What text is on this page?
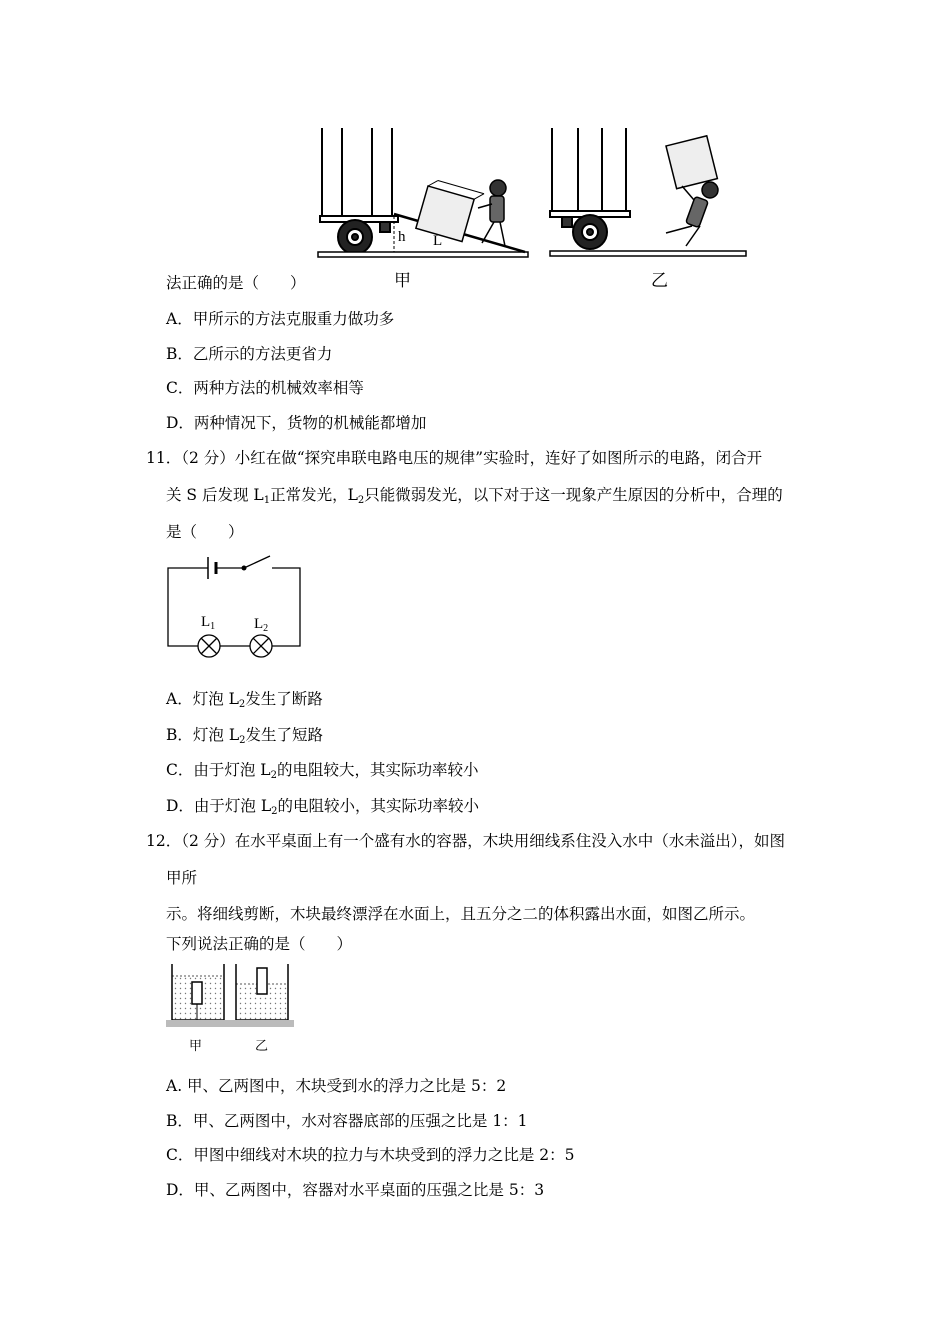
h L
甲	乙
法正确的是（　　）
A．甲所示的方法克服重力做功多
B．乙所示的方法更省力
C．两种方法的机械效率相等
D．两种情况下，货物的机械能都增加
11．（2 分）小红在做“探究串联电路电压的规律”实验时，连好了如图所示的电路，闭合开
关 S 后发现 $L_1$正常发光，$L_2$只能微弱发光，以下对于这一现象产生原因的分析中，合理的
是（　　）
$L_1$	$L_2$
A．灯泡 $L_2$发生了断路
B．灯泡 $L_2$发生了短路
C．由于灯泡 $L_2$的电阻较大，其实际功率较小
D．由于灯泡 $L_2$的电阻较小，其实际功率较小
12．（2 分）在水平桌面上有一个盛有水的容器，木块用细线系住没入水中（水未溢出），如图
甲所
示。将细线剪断，木块最终漂浮在水面上，且五分之二的体积露出水面，如图乙所示。
下列说法正确的是（　　）
甲	乙
A. 甲、乙两图中，木块受到水的浮力之比是 5：2
B．甲、乙两图中，水对容器底部的压强之比是 1：1
C．甲图中细线对木块的拉力与木块受到的浮力之比是 2：5
D．甲、乙两图中，容器对水平桌面的压强之比是 5：3
